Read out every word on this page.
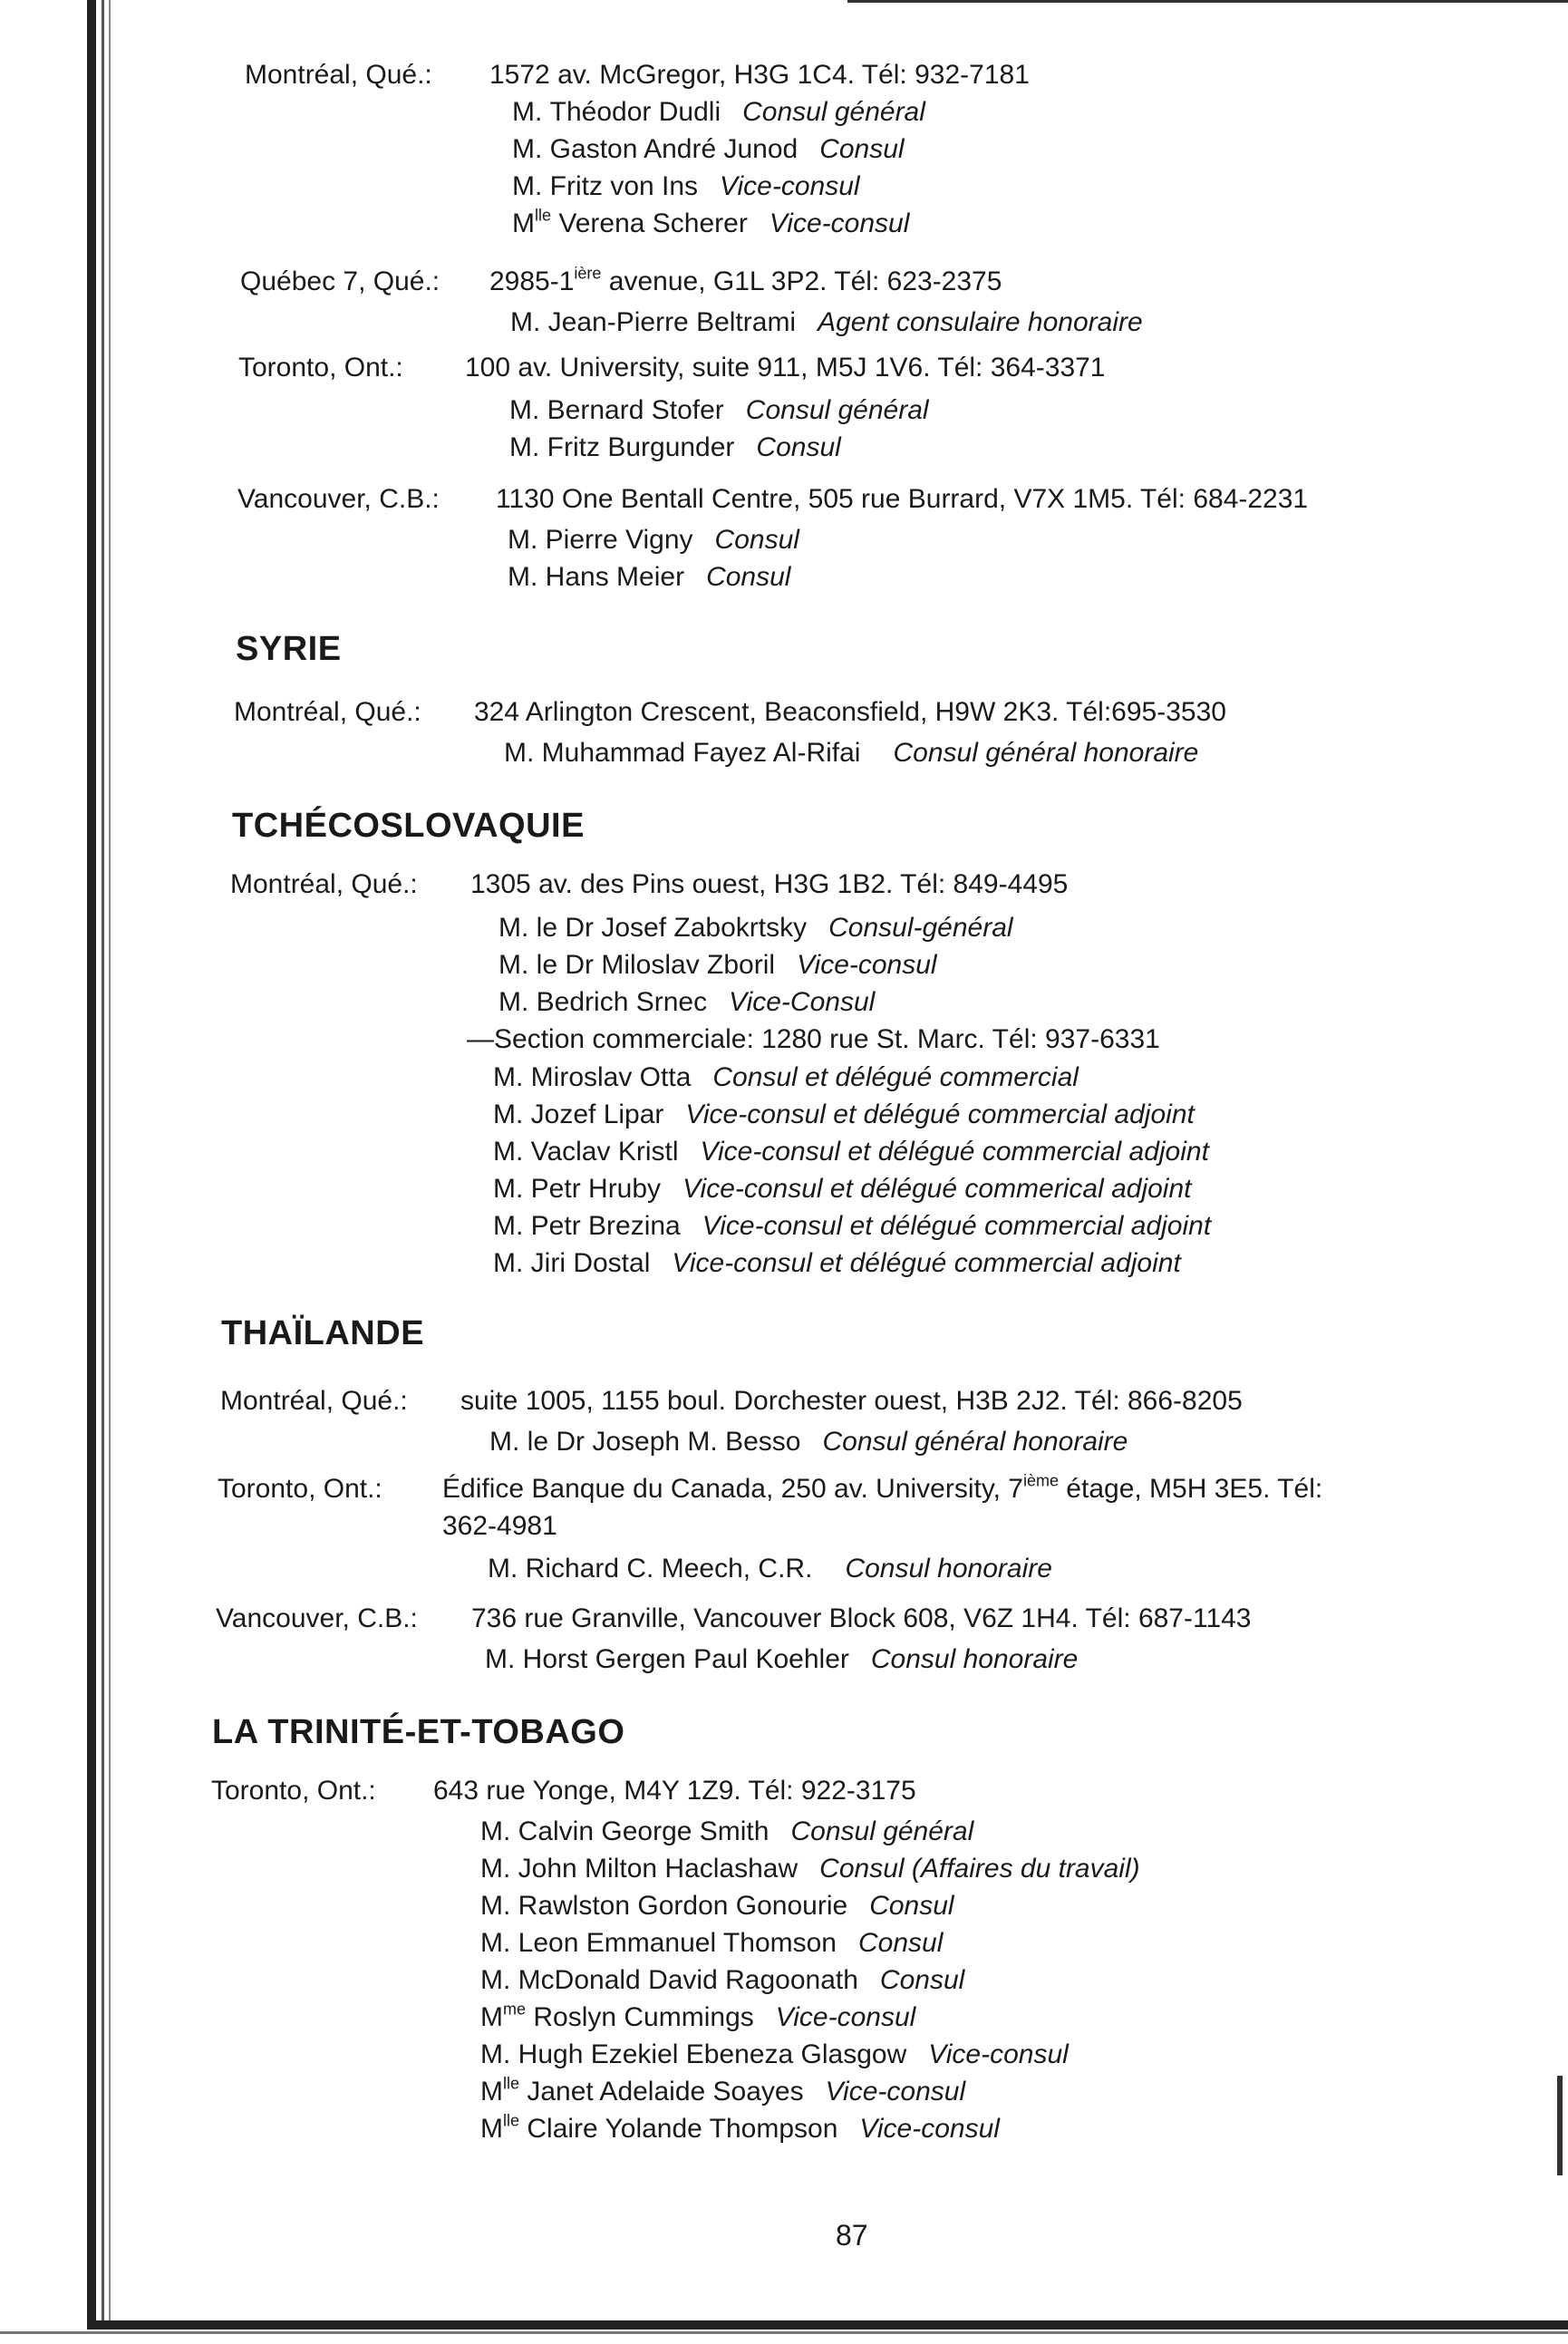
Montréal, Qué.:	1572 av. McGregor, H3G 1C4. Tél: 932-7181
M. Théodor Dudli Consul général
M. Gaston André Junod Consul
M. Fritz von Ins Vice-consul
$M^{lle}$ Verena Scherer Vice-consul
Québec 7, Qué.:	$2985-1^{ière}$ avenue, G1L 3P2. Tél: 623-2375
M. Jean-Pierre Beltrami Agent consulaire honoraire
Toronto, Ont.:	100 av. University, suite 911, M5J 1V6. Tél: 364-3371
M. Bernard Stofer Consul général
M. Fritz Burgunder Consul
Vancouver, C.B.:	1130 One Bentall Centre, 505 rue Burrard, V7X 1M5. Tél: 684-2231
M. Pierre Vigny Consul
M. Hans Meier Consul
SYRIE
Montréal, Qué.:	324 Arlington Crescent, Beaconsfield, H9W 2K3. Tél:695-3530
M. Muhammad Fayez Al-Rifai Consul général honoraire
TCHÉCOSLOVAQUIE
Montréal, Qué.:	1305 av. des Pins ouest, H3G 1B2. Tél: 849-4495
M. le Dr Josef Zabokrtsky Consul-général
M. le Dr Miloslav Zboril Vice-consul
M. Bedrich Srnec Vice-Consul
—Section commerciale: 1280 rue St. Marc. Tél: 937-6331
M. Miroslav Otta Consul et délégué commercial
M. Jozef Lipar Vice-consul et délégué commercial adjoint
M. Vaclav Kristl Vice-consul et délégué commercial adjoint
M. Petr Hruby Vice-consul et délégué commerical adjoint
M. Petr Brezina Vice-consul et délégué commercial adjoint
M. Jiri Dostal Vice-consul et délégué commercial adjoint
THAÏLANDE
Montréal, Qué.:	suite 1005, 1155 boul. Dorchester ouest, H3B 2J2. Tél: 866-8205
M. le Dr Joseph M. Besso Consul général honoraire
Toronto, Ont.:	Édifice Banque du Canada, 250 av. University, 7ième étage, M5H 3E5. Tél:
362-4981
M. Richard C. Meech, C.R. Consul honoraire
Vancouver, C.B.:	736 rue Granville, Vancouver Block 608, V6Z 1H4. Tél: 687-1143
M. Horst Gergen Paul Koehler Consul honoraire
LA TRINITÉ-ET-TOBAGO
Toronto, Ont.:	643 rue Yonge, M4Y 1Z9. Tél: 922-3175
M. Calvin George Smith Consul général
M. John Milton Haclashaw Consul (Affaires du travail)
M. Rawlston Gordon Gonourie Consul
M. Leon Emmanuel Thomson Consul
M. McDonald David Ragoonath Consul
$M^{me}$ Roslyn Cummings Vice-consul
M. Hugh Ezekiel Ebeneza Glasgow Vice-consul
$M^{lle}$ Janet Adelaide Soayes Vice-consul
$M^{lle}$ Claire Yolande Thompson Vice-consul
87
